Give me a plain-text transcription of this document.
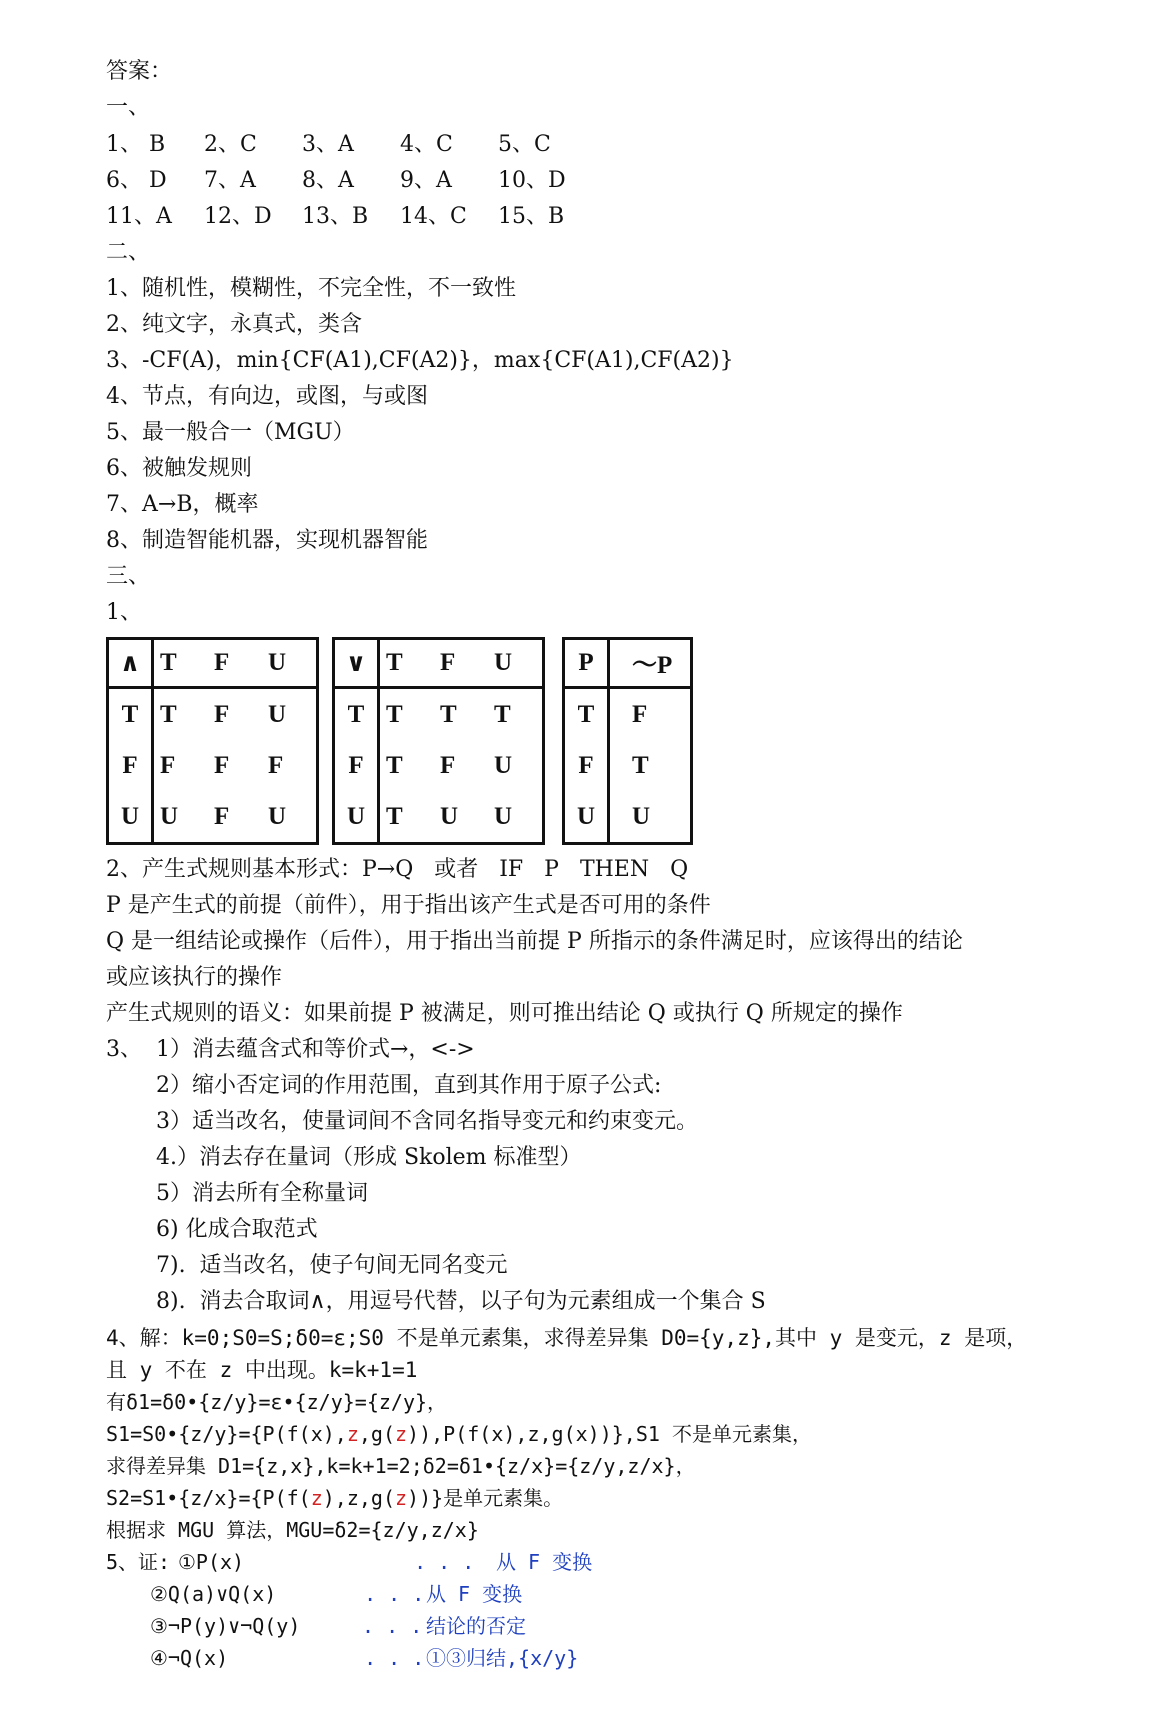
答案：
一、
1、 B	2、C	3、A	4、C	5、C
6、 D	7、A	8、A	9、A	10、D
11、A	12、D	13、B	14、C	15、B
二、
1、随机性，模糊性，不完全性，不一致性
2、纯文字，永真式，类含
3、-CF(A)，min{CF(A1),CF(A2)}，max{CF(A1),CF(A2)}
4、节点，有向边，或图，与或图
5、最一般合一（MGU）
6、被触发规则
7、A→B，概率
8、制造智能机器，实现机器智能
三、
1、
∧	T	F	U
T	T	F	U
F	F	F	F
U	U	F	U
∨	T	F	U
T	T	T	T
F	T	F	U
U	T	U	U
P	～P
T	F
F	T
U	U
2、产生式规则基本形式：P→Q   或者   IF   P   THEN   Q
P 是产生式的前提（前件），用于指出该产生式是否可用的条件
Q 是一组结论或操作（后件），用于指出当前提 P 所指示的条件满足时，应该得出的结论
或应该执行的操作
产生式规则的语义：如果前提 P 被满足，则可推出结论 Q 或执行 Q 所规定的操作
3、 1）消去蕴含式和等价式→，<->
2）缩小否定词的作用范围，直到其作用于原子公式:
3）适当改名，使量词间不含同名指导变元和约束变元。
4.）消去存在量词（形成 Skolem 标准型）
5）消去所有全称量词
6) 化成合取范式
7).  适当改名，使子句间无同名变元
8).  消去合取词∧，用逗号代替，以子句为元素组成一个集合 S
4、解：k=0;S0=S;δ0=ε;S0 不是单元素集，求得差异集 D0={y,z},其中 y 是变元，z 是项，
且 y 不在 z 中出现。k=k+1=1
有δ1=δ0•{z/y}=ε•{z/y}={z/y}，
S1=S0•{z/y}={P(f(x),z,g(z)),P(f(x),z,g(x))},S1 不是单元素集，
求得差异集 D1={z,x},k=k+1=2;δ2=δ1•{z/x}={z/y,z/x}，
S2=S1•{z/x}={P(f(z),z,g(z))}是单元素集。
根据求 MGU 算法，MGU=δ2={z/y,z/x}
5、证: ①P(x)	. . . 从 F 变换
②Q(a)∨Q(x)	. . .从 F 变换
③¬P(y)∨¬Q(y) . . . 结论的否定
④¬Q(x)	. . .①③归结,{x/y}
